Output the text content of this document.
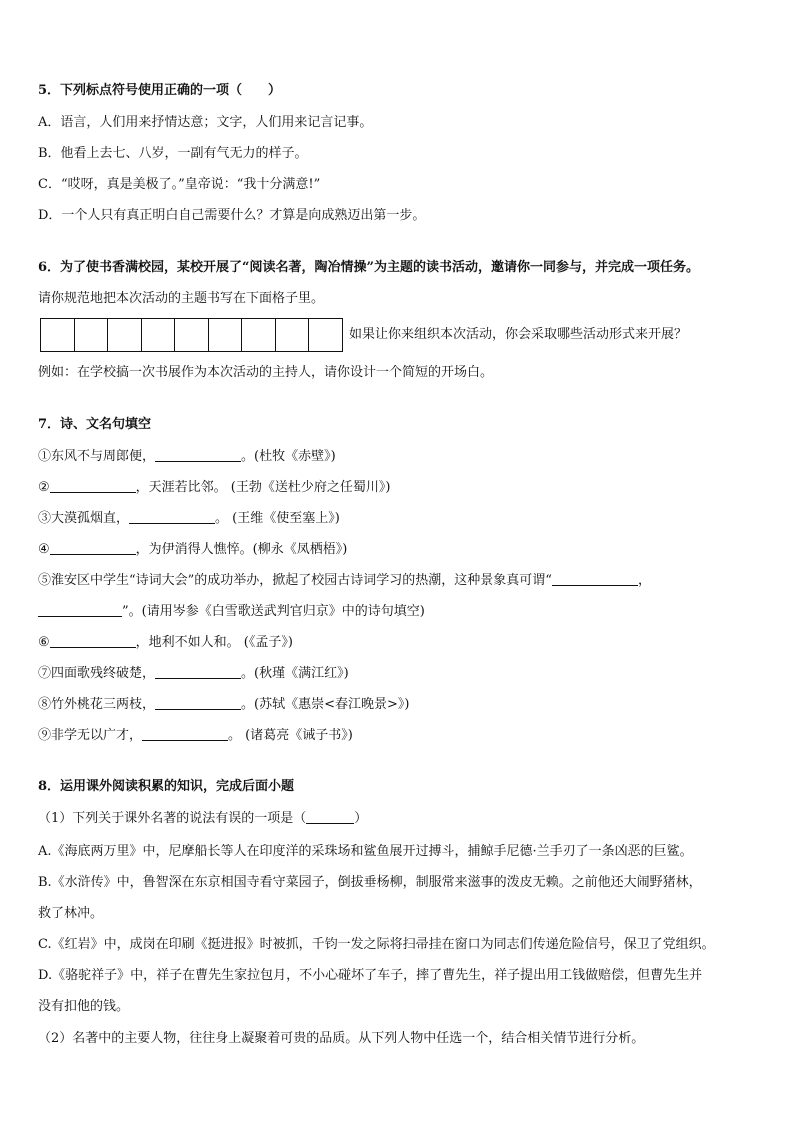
5．下列标点符号使用正确的一项（　　）
A．语言，人们用来抒情达意；文字，人们用来记言记事。
B．他看上去七、八岁，一副有气无力的样子。
C．“哎呀，真是美极了。”皇帝说：“我十分满意!”
D．一个人只有真正明白自己需要什么？才算是向成熟迈出第一步。
6．为了使书香满校园，某校开展了“阅读名著，陶冶情操”为主题的读书活动，邀请你一同参与，并完成一项任务。
请你规范地把本次活动的主题书写在下面格子里。
如果让你来组织本次活动，你会采取哪些活动形式来开展？
例如：在学校搞一次书展作为本次活动的主持人，请你设计一个简短的开场白。
7．诗、文名句填空
①东风不与周郎便，	。(杜牧《赤壁》)
②	，天涯若比邻。 (王勃《送杜少府之任蜀川》)
③大漠孤烟直，	。 (王维《使至塞上》)
④	，为伊消得人憔悴。(柳永《凤栖梧》)
⑤淮安区中学生“诗词大会”的成功举办，掀起了校园古诗词学习的热潮，这种景象真可谓“	，
”。(请用岑参《白雪歌送武判官归京》中的诗句填空)
⑥	，地利不如人和。 (《孟子》)
⑦四面歌残终破楚，	。(秋瑾《满江红》)
⑧竹外桃花三两枝，	。(苏轼《惠崇<春江晚景>》)
⑨非学无以广才，	。 (诸葛亮《诫子书》)
8．运用课外阅读积累的知识，完成后面小题
（1）下列关于课外名著的说法有误的一项是（	）
A.《海底两万里》中，尼摩船长等人在印度洋的采珠场和鲨鱼展开过搏斗，捕鲸手尼德·兰手刃了一条凶恶的巨鲨。
B.《水浒传》中，鲁智深在东京相国寺看守菜园子，倒拔垂杨柳，制服常来滋事的泼皮无赖。之前他还大闹野猪林，
救了林冲。
C.《红岩》中，成岗在印刷《挺进报》时被抓，千钧一发之际将扫帚挂在窗口为同志们传递危险信号，保卫了党组织。
D.《骆驼祥子》中，祥子在曹先生家拉包月，不小心碰坏了车子，摔了曹先生，祥子提出用工钱做赔偿，但曹先生并
没有扣他的钱。
（2）名著中的主要人物，往往身上凝聚着可贵的品质。从下列人物中任选一个，结合相关情节进行分析。
